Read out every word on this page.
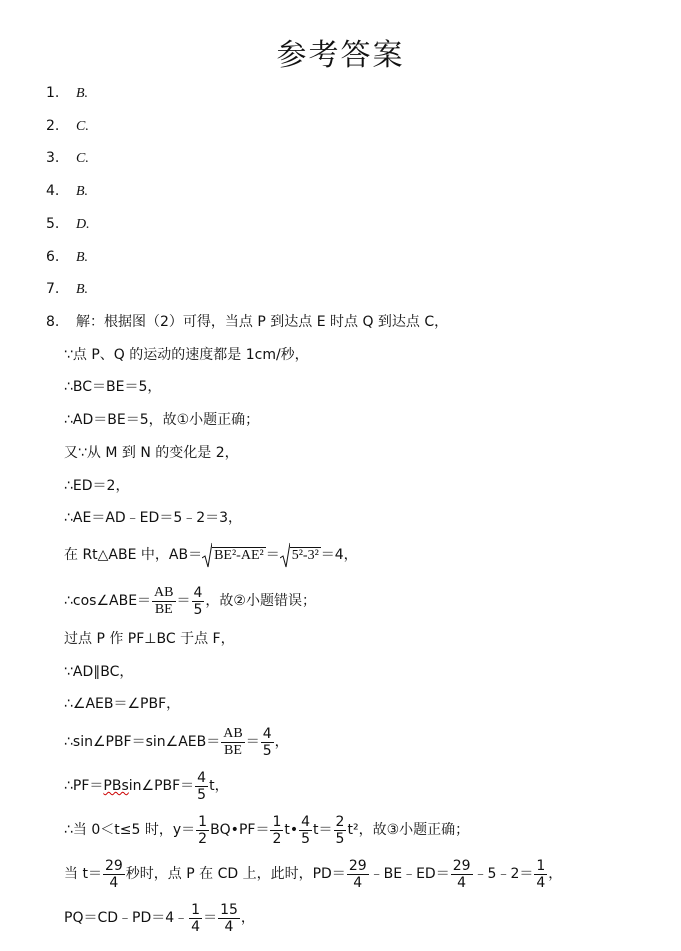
参考答案
1. B.
2. C.
3. C.
4. B.
5. D.
6. B.
7. B.
8. 解：根据图（2）可得，当点 P 到达点 E 时点 Q 到达点 C，
∵点 P、Q 的运动的速度都是 1cm/秒，
∴BC＝BE＝5，
∴AD＝BE＝5，故①小题正确；
又∵从 M 到 N 的变化是 2，
∴ED＝2，
∴AE＝AD﹣ED＝5﹣2＝3，
在 Rt△ABE 中，AB＝ BE²-AE² ＝ 5²-3² ＝4，
∴cos∠ABE＝ $\frac{AB}{BE} = \frac{4}{5}$ ，故②小题错误；
过点 P 作 PF⊥BC 于点 F，
∵AD∥BC，
∴∠AEB＝∠PBF，
∴sin∠PBF＝sin∠AEB＝ $\frac{AB}{BE} = \frac{4}{5}$ ，
∴PF＝PBsin∠PBF＝ $\frac{4}{5}$ t，
∴当 0＜t≤5 时，$y= \frac{1}{2}$ BQ•PF＝ $\frac{1}{2}$ t• $\frac{4}{5} t= \frac{2}{5} t^2$，故③小题正确；
当 $t= \frac{29}{4}$ 秒时，点 P 在 CD 上，此时，$PD= \frac{29}{4}$ ﹣BE﹣ED＝ $\frac{29}{4}$ ﹣5﹣2＝ $\frac{1}{4}$ ，
PQ＝CD﹣PD＝4﹣ $\frac{1}{4} = \frac{15}{4}$ ，
